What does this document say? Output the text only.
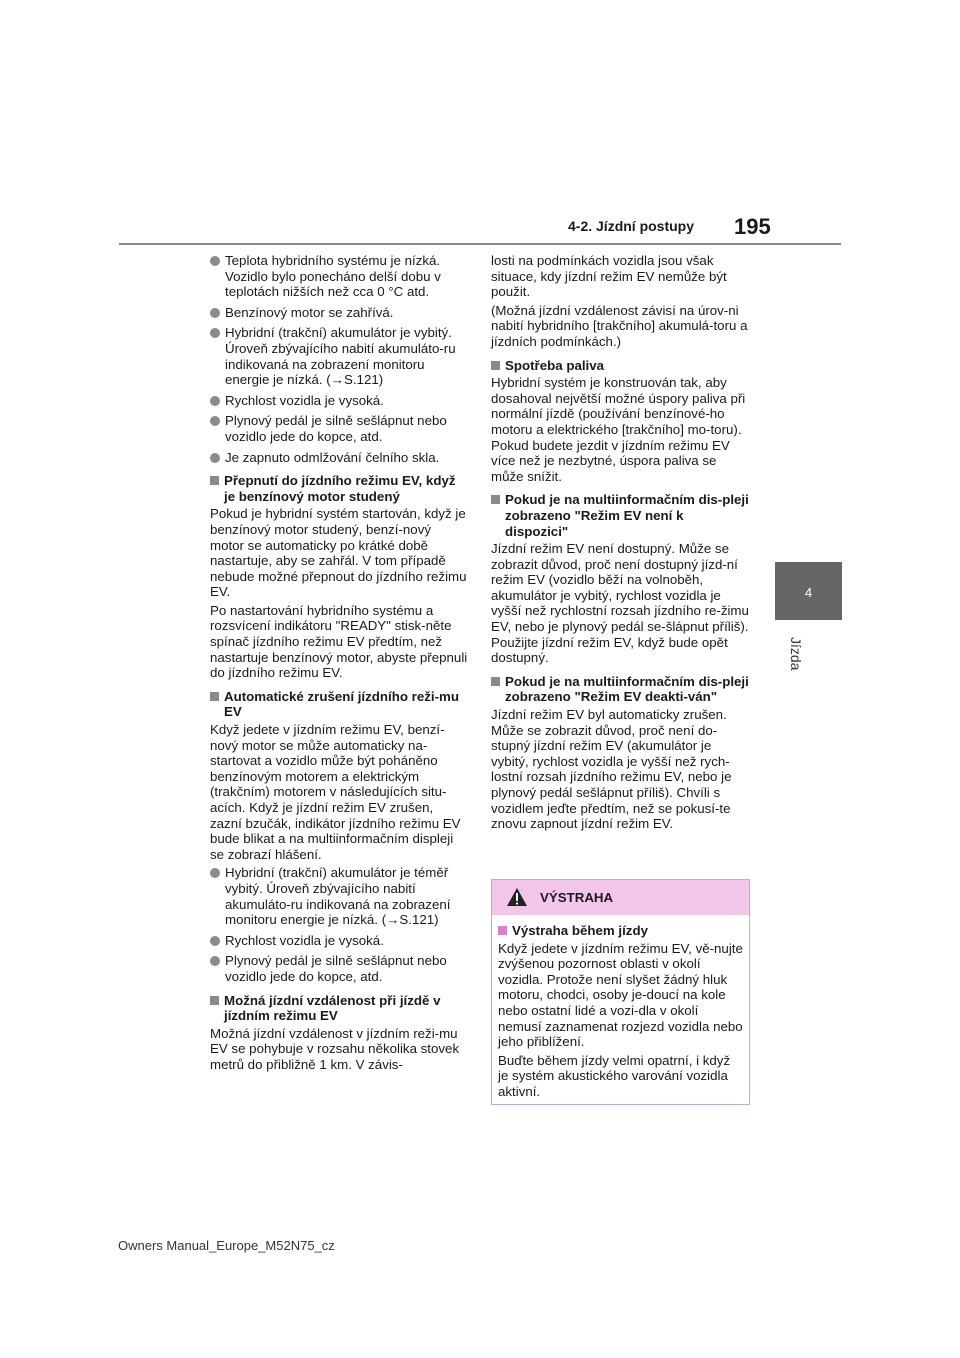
4-2. Jízdní postupy 195
4
Jízda
Teplota hybridního systému je nízká. Vozidlo bylo ponecháno delší dobu v teplotách nižších než cca 0 °C atd.
Benzínový motor se zahřívá.
Hybridní (trakční) akumulátor je vybitý. Úroveň zbývajícího nabití akumuláto-ru indikovaná na zobrazení monitoru energie je nízká. (→S.121)
Rychlost vozidla je vysoká.
Plynový pedál je silně sešlápnut nebo vozidlo jede do kopce, atd.
Je zapnuto odmlžování čelního skla.
Přepnutí do jízdního režimu EV, když je benzínový motor studený

Pokud je hybridní systém startován, když je benzínový motor studený, benzí-nový motor se automaticky po krátké době nastartuje, aby se zahřál. V tom případě nebude možné přepnout do jízdního režimu EV.

Po nastartování hybridního systému a rozsvícení indikátoru "READY" stisk-něte spínač jízdního režimu EV předtím, než nastartuje benzínový motor, abyste přepnuli do jízdního režimu EV.

Automatické zrušení jízdního reži-mu EV

Když jedete v jízdním režimu EV, benzí-nový motor se může automaticky na-startovat a vozidlo může být poháněno benzínovým motorem a elektrickým (trakčním) motorem v následujících situ-acích. Když je jízdní režim EV zrušen, zazní bzučák, indikátor jízdního režimu EV bude blikat a na multiinformačním displeji se zobrazí hlášení.

Hybridní (trakční) akumulátor je téměř vybitý. Úroveň zbývajícího nabití akumuláto-ru indikovaná na zobrazení monitoru energie je nízká. (→S.121)
Rychlost vozidla je vysoká.
Plynový pedál je silně sešlápnut nebo vozidlo jede do kopce, atd.
Možná jízdní vzdálenost při jízdě v jízdním režimu EV

Možná jízdní vzdálenost v jízdním reži-mu EV se pohybuje v rozsahu několika stovek metrů do přibližně 1 km. V závis-

losti na podmínkách vozidla jsou však situace, kdy jízdní režim EV nemůže být použit.

(Možná jízdní vzdálenost závisí na úrov-ni nabití hybridního [trakčního] akumulá-toru a jízdních podmínkách.)

Spotřeba paliva

Hybridní systém je konstruován tak, aby dosahoval největší možné úspory paliva při normální jízdě (používání benzínové-ho motoru a elektrického [trakčního] mo-toru). Pokud budete jezdit v jízdním režimu EV více než je nezbytné, úspora paliva se může snížit.

Pokud je na multiinformačním dis-pleji zobrazeno "Režim EV není k dispozici"

Jízdní režim EV není dostupný. Může se zobrazit důvod, proč není dostupný jízd-ní režim EV (vozidlo běží na volnoběh, akumulátor je vybitý, rychlost vozidla je vyšší než rychlostní rozsah jízdního re-žimu EV, nebo je plynový pedál se-šlápnut příliš). Použijte jízdní režim EV, když bude opět dostupný.

Pokud je na multiinformačním dis-pleji zobrazeno "Režim EV deakti-ván"

Jízdní režim EV byl automaticky zrušen. Může se zobrazit důvod, proč není do-stupný jízdní režim EV (akumulátor je vybitý, rychlost vozidla je vyšší než rych-lostní rozsah jízdního režimu EV, nebo je plynový pedál sešlápnut příliš). Chvíli s vozidlem jeďte předtím, než se pokusí-te znovu zapnout jízdní režim EV.

VÝSTRAHA
Výstraha během jízdy

Když jedete v jízdním režimu EV, vě-nujte zvýšenou pozornost oblasti v okolí vozidla. Protože není slyšet žádný hluk motoru, chodci, osoby je-doucí na kole nebo ostatní lidé a vozi-dla v okolí nemusí zaznamenat rozjezd vozidla nebo jeho přiblížení.

Buďte během jízdy velmi opatrní, i když je systém akustického varování vozidla aktivní.

Owners Manual_Europe_M52N75_cz
